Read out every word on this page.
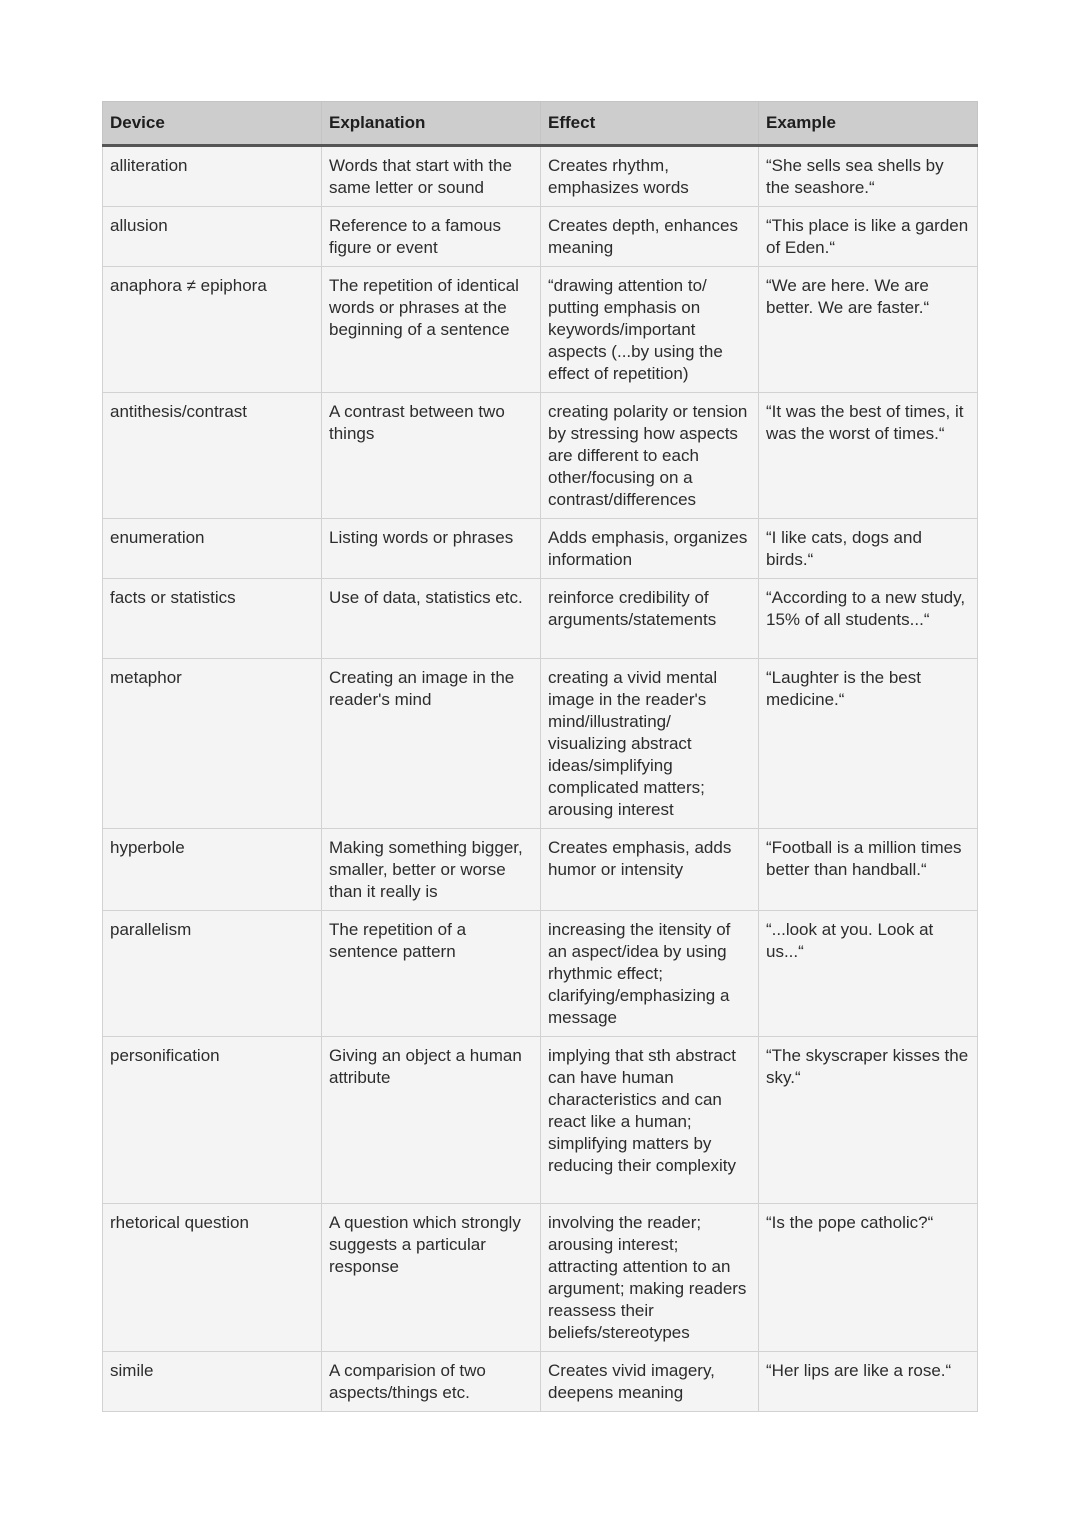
Device	Explanation	Effect	Example
alliteration	Words that start with the same letter or sound	Creates rhythm, emphasizes words	“She sells sea shells by the seashore.“
allusion	Reference to a famous figure or event	Creates depth, enhances meaning	“This place is like a garden of Eden.“
anaphora ≠ epiphora	The repetition of identical words or phrases at the beginning of a sentence	“drawing attention to/ putting emphasis on keywords/important aspects (...by using the effect of repetition)	“We are here. We are better. We are faster.“
antithesis/contrast	A contrast between two things	creating polarity or tension by stressing how aspects are different to each other/focusing on a contrast/differences	“It was the best of times, it was the worst of times.“
enumeration	Listing words or phrases	Adds emphasis, organizes information	“I like cats, dogs and birds.“
facts or statistics	Use of data, statistics etc.	reinforce credibility of arguments/statements	“According to a new study, 15% of all students...“
metaphor	Creating an image in the reader's mind	creating a vivid mental image in the reader's mind/illustrating/ visualizing abstract ideas/simplifying complicated matters; arousing interest	“Laughter is the best medicine.“
hyperbole	Making something bigger, smaller, better or worse than it really is	Creates emphasis, adds humor or intensity	“Football is a million times better than handball.“
parallelism	The repetition of a sentence pattern	increasing the itensity of an aspect/idea by using rhythmic effect; clarifying/emphasizing a message	“...look at you. Look at us...“
personification	Giving an object a human attribute	implying that sth abstract can have human characteristics and can react like a human; simplifying matters by reducing their complexity	“The skyscraper kisses the sky.“
rhetorical question	A question which strongly suggests a particular response	involving the reader; arousing interest; attracting attention to an argument; making readers reassess their beliefs/stereotypes	“Is the pope catholic?“
simile	A comparision of two aspects/things etc.	Creates vivid imagery, deepens meaning	“Her lips are like a rose.“
